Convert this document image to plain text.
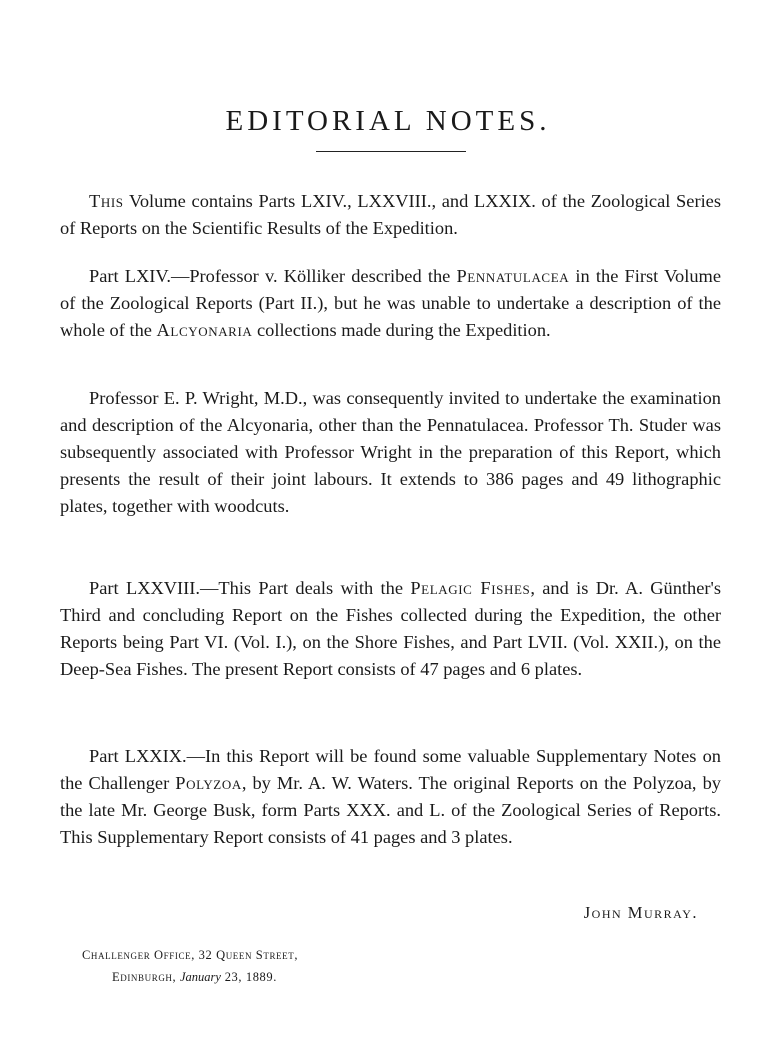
EDITORIAL NOTES.

This Volume contains Parts LXIV., LXXVIII., and LXXIX. of the Zoological Series of Reports on the Scientific Results of the Expedition.

Part LXIV.—Professor v. Kölliker described the Pennatulacea in the First Volume of the Zoological Reports (Part II.), but he was unable to undertake a description of the whole of the Alcyonaria collections made during the Expedition.

Professor E. P. Wright, M.D., was consequently invited to undertake the examination and description of the Alcyonaria, other than the Pennatulacea. Professor Th. Studer was subsequently associated with Professor Wright in the preparation of this Report, which presents the result of their joint labours. It extends to 386 pages and 49 lithographic plates, together with woodcuts.

Part LXXVIII.—This Part deals with the Pelagic Fishes, and is Dr. A. Günther's Third and concluding Report on the Fishes collected during the Expedition, the other Reports being Part VI. (Vol. I.), on the Shore Fishes, and Part LVII. (Vol. XXII.), on the Deep-Sea Fishes. The present Report consists of 47 pages and 6 plates.

Part LXXIX.—In this Report will be found some valuable Supplementary Notes on the Challenger Polyzoa, by Mr. A. W. Waters. The original Reports on the Polyzoa, by the late Mr. George Busk, form Parts XXX. and L. of the Zoological Series of Reports. This Supplementary Report consists of 41 pages and 3 plates.

John Murray.
Challenger Office, 32 Queen Street,
Edinburgh, January 23, 1889.
